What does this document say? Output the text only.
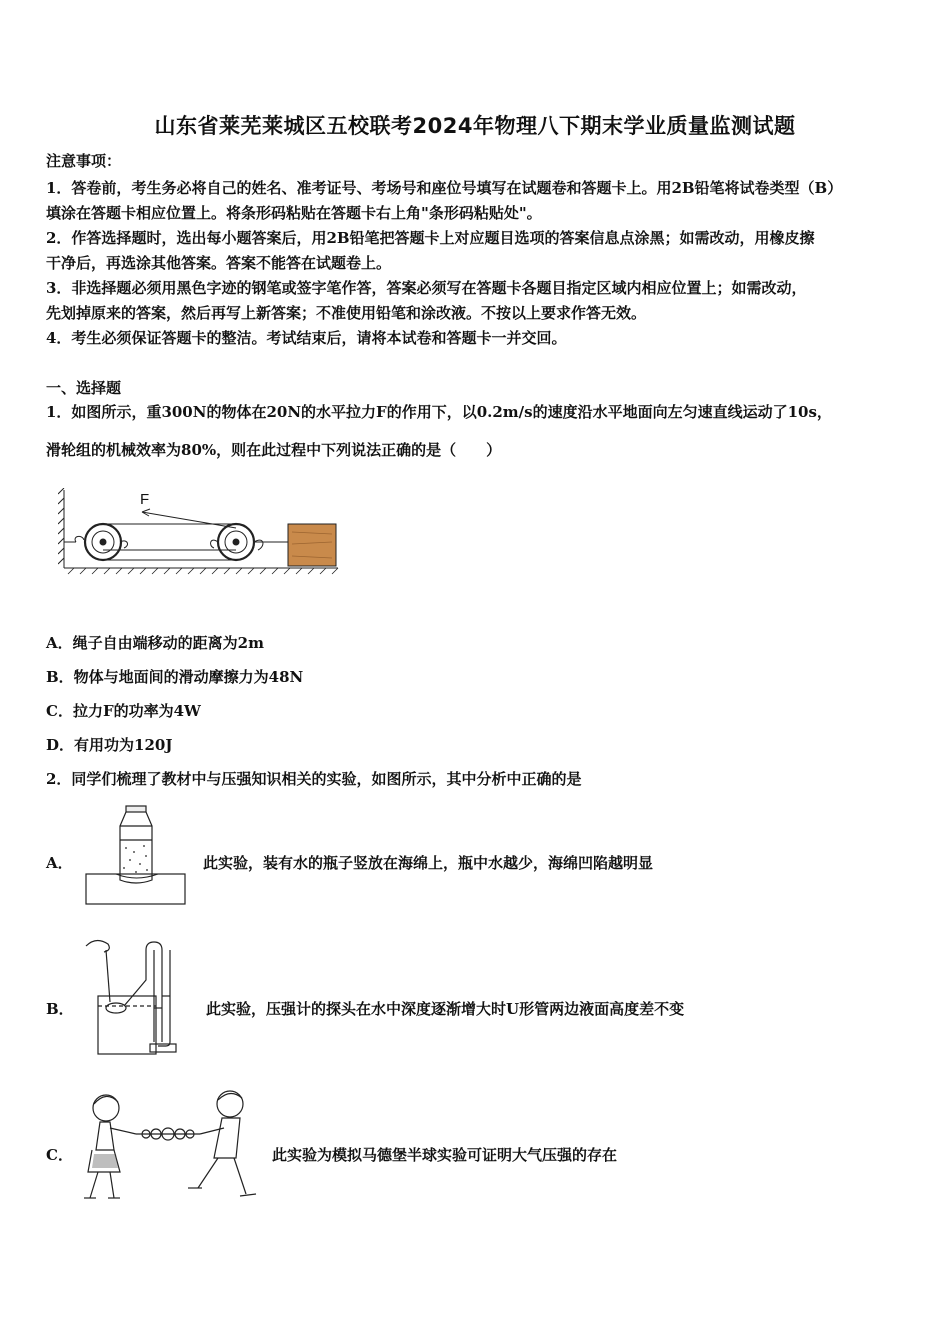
山东省莱芜莱城区五校联考2024年物理八下期末学业质量监测试题
注意事项：
1．答卷前，考生务必将自己的姓名、准考证号、考场号和座位号填写在试题卷和答题卡上。用2B铅笔将试卷类型（B）
填涂在答题卡相应位置上。将条形码粘贴在答题卡右上角"条形码粘贴处"。
2．作答选择题时，选出每小题答案后，用2B铅笔把答题卡上对应题目选项的答案信息点涂黑；如需改动，用橡皮擦
干净后，再选涂其他答案。答案不能答在试题卷上。
3．非选择题必须用黑色字迹的钢笔或签字笔作答，答案必须写在答题卡各题目指定区域内相应位置上；如需改动，
先划掉原来的答案，然后再写上新答案；不准使用铅笔和涂改液。不按以上要求作答无效。
4．考生必须保证答题卡的整洁。考试结束后，请将本试卷和答题卡一并交回。
一、选择题
1．如图所示，重300N的物体在20N的水平拉力F的作用下，以0.2m/s的速度沿水平地面向左匀速直线运动了10s，
滑轮组的机械效率为80%，则在此过程中下列说法正确的是（　　）
F
A．绳子自由端移动的距离为2m
B．物体与地面间的滑动摩擦力为48N
C．拉力F的功率为4W
D．有用功为120J
2．同学们梳理了教材中与压强知识相关的实验，如图所示，其中分析中正确的是
A．	此实验，装有水的瓶子竖放在海绵上，瓶中水越少，海绵凹陷越明显
B．	此实验，压强计的探头在水中深度逐渐增大时U形管两边液面高度差不变
C．	此实验为模拟马德堡半球实验可证明大气压强的存在
